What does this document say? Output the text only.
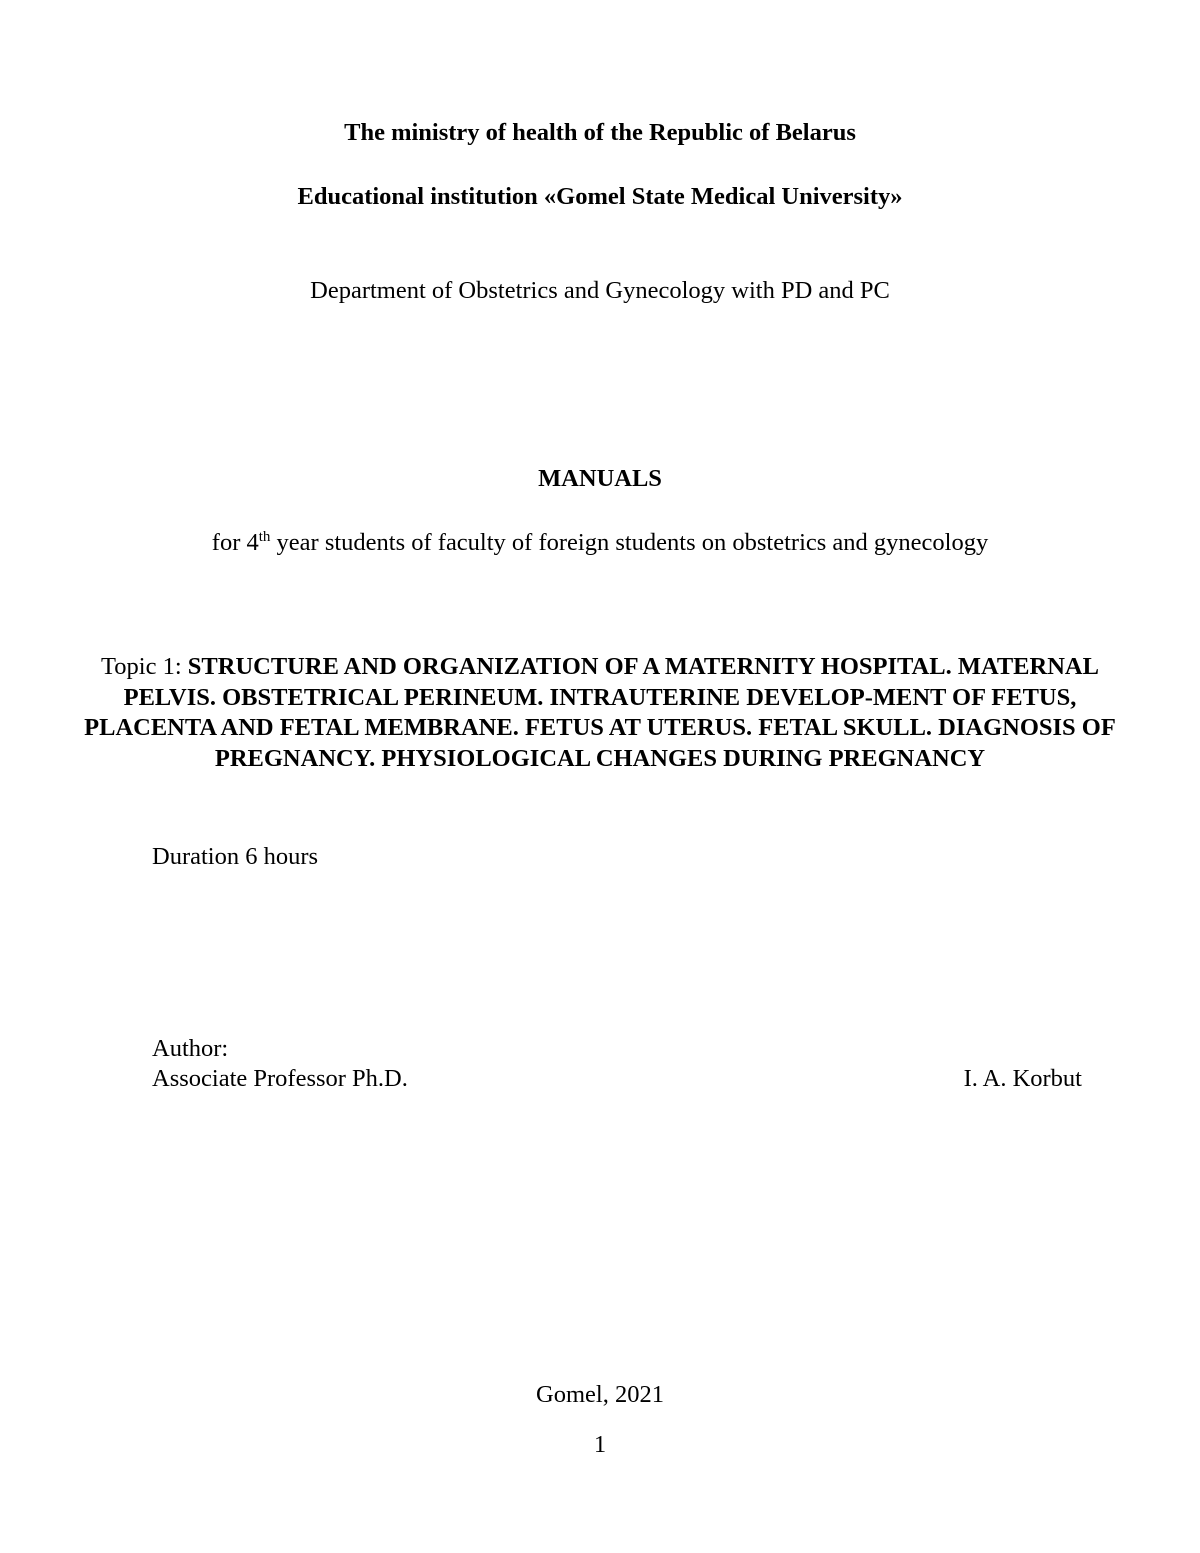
The ministry of health of the Republic of Belarus
Educational institution «Gomel State Medical University»
Department of Obstetrics and Gynecology with PD and PC
MANUALS
for 4th year students of faculty of foreign students on obstetrics and gynecology
Topic 1: STRUCTURE AND ORGANIZATION OF A MATERNITY HOSPITAL. MATERNAL PELVIS. OBSTETRICAL PERINEUM. INTRAUTERINE DEVELOP-MENT OF FETUS, PLACENTA AND FETAL MEMBRANE. FETUS AT UTERUS. FETAL SKULL. DIAGNOSIS OF PREGNANCY. PHYSIOLOGICAL CHANGES DURING PREGNANCY
Duration 6 hours
Author:
Associate Professor Ph.D.	I. A. Korbut
Gomel, 2021
1
